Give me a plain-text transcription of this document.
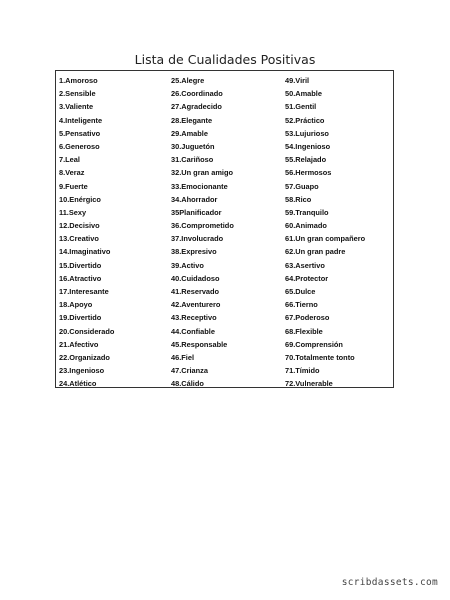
Lista de Cualidades Positivas
1.Amoroso
2.Sensible
3.Valiente
4.Inteligente
5.Pensativo
6.Generoso
7.Leal
8.Veraz
9.Fuerte
10.Enérgico
11.Sexy
12.Decisivo
13.Creativo
14.Imaginativo
15.Divertido
16.Atractivo
17.Interesante
18.Apoyo
19.Divertido
20.Considerado
21.Afectivo
22.Organizado
23.Ingenioso
24.Atlético
25.Alegre
26.Coordinado
27.Agradecido
28.Elegante
29.Amable
30.Juguetón
31.Cariñoso
32.Un gran amigo
33.Emocionante
34.Ahorrador
35Planificador
36.Comprometido
37.Involucrado
38.Expresivo
39.Activo
40.Cuidadoso
41.Reservado
42.Aventurero
43.Receptivo
44.Confiable
45.Responsable
46.Fiel
47.Crianza
48.Cálido
49.Viril
50.Amable
51.Gentil
52.Práctico
53.Lujurioso
54.Ingenioso
55.Relajado
56.Hermosos
57.Guapo
58.Rico
59.Tranquilo
60.Animado
61.Un gran compañero
62.Un gran padre
63.Asertivo
64.Protector
65.Dulce
66.Tierno
67.Poderoso
68.Flexible
69.Comprensión
70.Totalmente tonto
71.Tímido
72.Vulnerable
scribdassets.com
